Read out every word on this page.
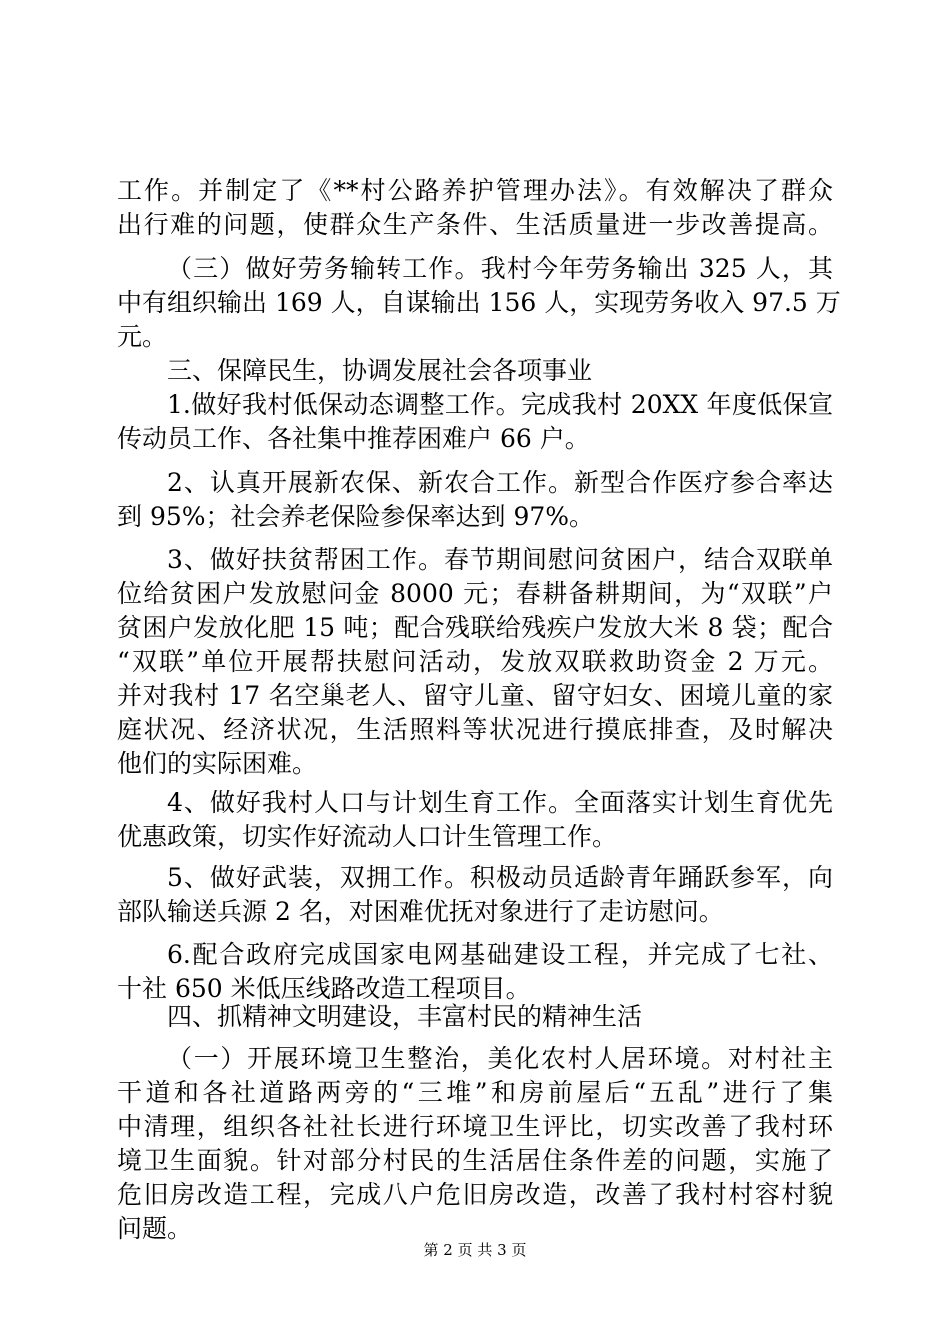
工作。并制定了《**村公路养护管理办法》。有效解决了群众
出行难的问题，使群众生产条件、生活质量进一步改善提高。
（三）做好劳务输转工作。我村今年劳务输出 325 人，其
中有组织输出 169 人，自谋输出 156 人，实现劳务收入 97.5 万
元。
三、保障民生，协调发展社会各项事业
1.做好我村低保动态调整工作。完成我村 20XX 年度低保宣
传动员工作、各社集中推荐困难户 66 户。
2、认真开展新农保、新农合工作。新型合作医疗参合率达
到 95%；社会养老保险参保率达到 97%。
3、做好扶贫帮困工作。春节期间慰问贫困户，结合双联单
位给贫困户发放慰问金 8000 元；春耕备耕期间，为“双联”户
贫困户发放化肥 15 吨；配合残联给残疾户发放大米 8 袋；配合
“双联”单位开展帮扶慰问活动，发放双联救助资金 2 万元。
并对我村 17 名空巢老人、留守儿童、留守妇女、困境儿童的家
庭状况、经济状况，生活照料等状况进行摸底排查，及时解决
他们的实际困难。
4、做好我村人口与计划生育工作。全面落实计划生育优先
优惠政策，切实作好流动人口计生管理工作。
5、做好武装，双拥工作。积极动员适龄青年踊跃参军，向
部队输送兵源 2 名，对困难优抚对象进行了走访慰问。
6.配合政府完成国家电网基础建设工程，并完成了七社、
十社 650 米低压线路改造工程项目。
四、抓精神文明建设，丰富村民的精神生活
（一）开展环境卫生整治，美化农村人居环境。对村社主
干道和各社道路两旁的“三堆”和房前屋后“五乱”进行了集
中清理，组织各社社长进行环境卫生评比，切实改善了我村环
境卫生面貌。针对部分村民的生活居住条件差的问题，实施了
危旧房改造工程，完成八户危旧房改造，改善了我村村容村貌
问题。
第 2 页 共 3 页
